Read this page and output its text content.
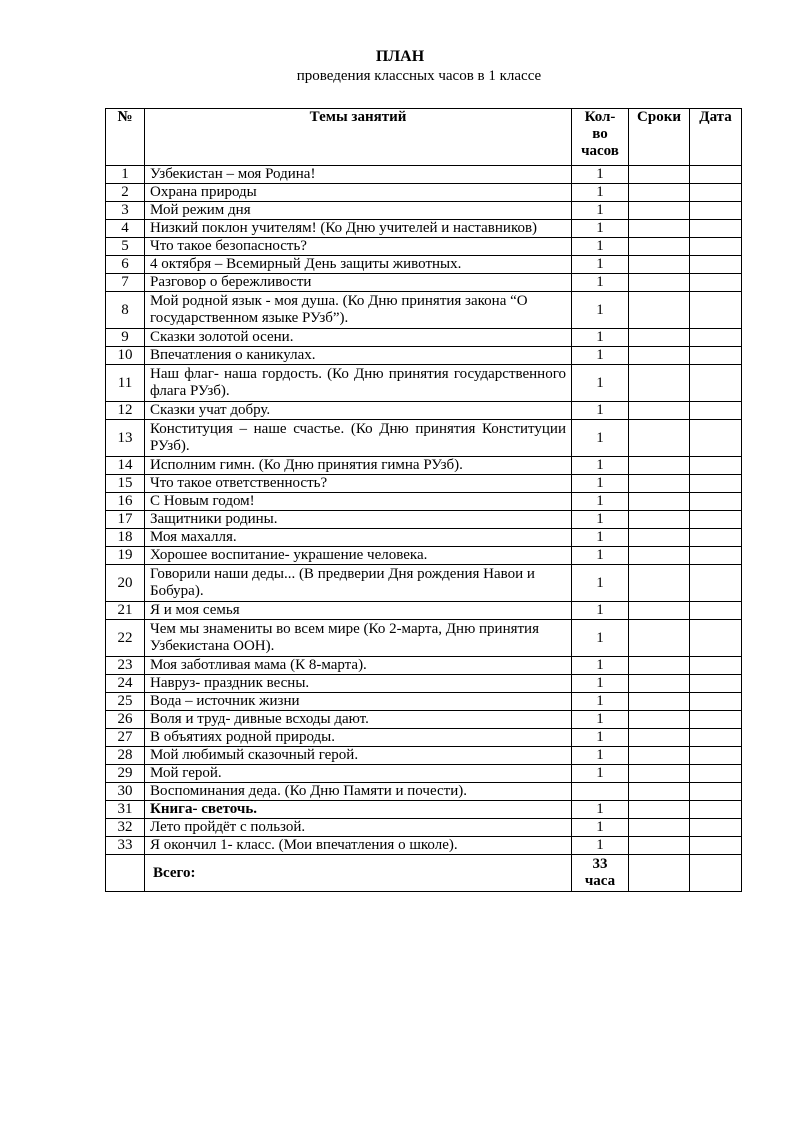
ПЛАН
проведения классных часов в 1 классе
№	Темы занятий	Кол-во часов	Сроки	Дата
1	Узбекистан – моя Родина!	1		
2	Охрана природы	1		
3	Мой режим дня	1		
4	Низкий поклон учителям! (Ко Дню учителей и наставников)	1		
5	Что такое безопасность?	1		
6	4 октября – Всемирный День защиты животных.	1		
7	Разговор о бережливости	1		
8	Мой родной язык - моя душа. (Ко Дню принятия закона “О государственном языке РУзб”).	1		
9	Сказки золотой осени.	1		
10	Впечатления о каникулах.	1		
11	Наш флаг- наша гордость. (Ко Дню принятия государственного флага РУзб).	1		
12	Сказки учат добру.	1		
13	Конституция – наше счастье. (Ко Дню принятия Конституции РУзб).	1		
14	Исполним гимн. (Ко Дню принятия гимна РУзб).	1		
15	Что такое ответственность?	1		
16	С Новым годом!	1		
17	Защитники родины.	1		
18	Моя махалля.	1		
19	Хорошее воспитание- украшение человека.	1		
20	Говорили наши деды... (В предверии Дня рождения Навои и Бобура).	1		
21	Я и моя семья	1		
22	Чем мы знамениты во всем мире (Ко 2-марта, Дню принятия Узбекистана ООН).	1		
23	Моя заботливая мама (К 8-марта).	1		
24	Навруз- праздник весны.	1		
25	Вода – источник жизни	1		
26	Воля и труд- дивные всходы дают.	1		
27	В объятиях родной природы.	1		
28	Мой любимый сказочный герой.	1		
29	Мой герой.	1		
30	Воспоминания деда. (Ко Дню Памяти и почести).			
31	Книга- светочь.	1		
32	Лето пройдёт с пользой.	1		
33	Я окончил 1- класс. (Мои впечатления о школе).	1		
	Всего:	33 часа		
